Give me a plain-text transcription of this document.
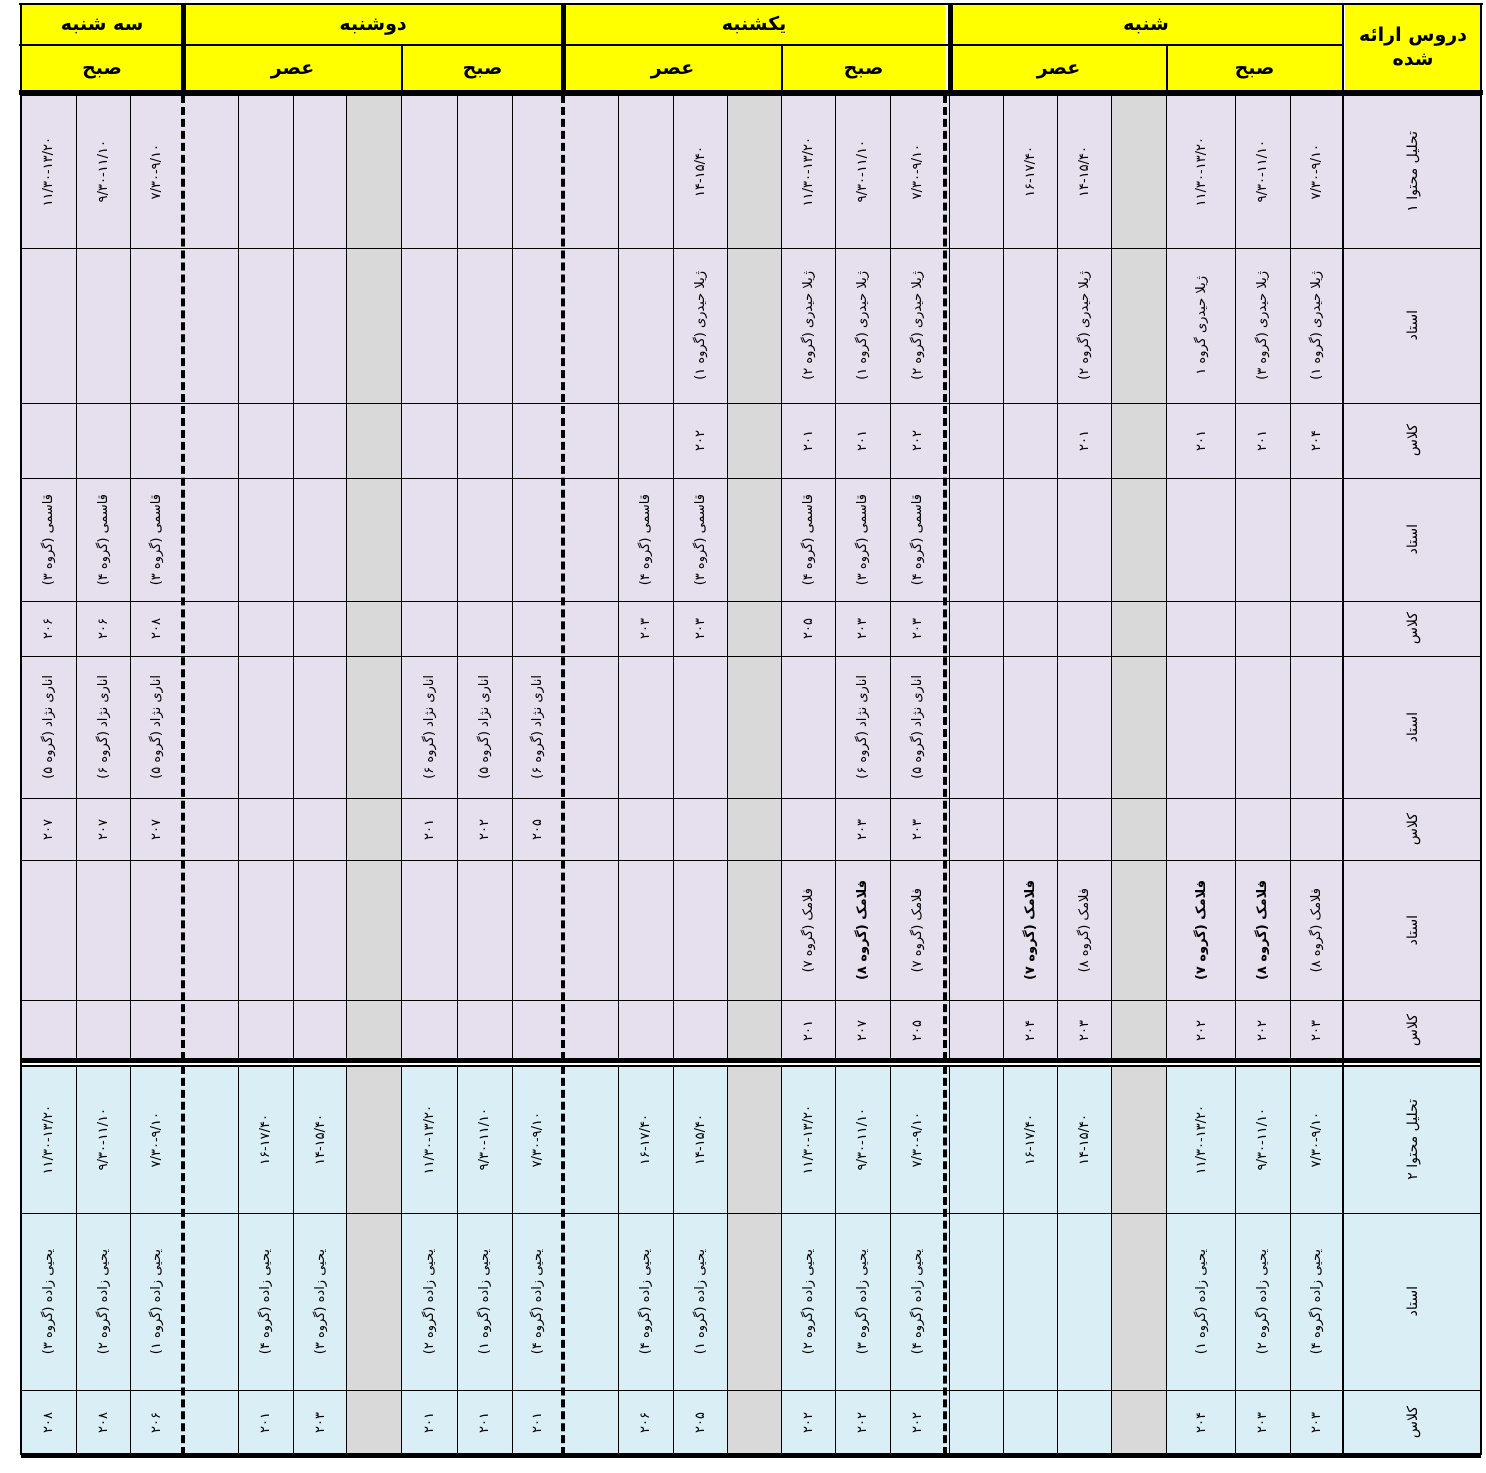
دروس ارائه شده
شنبه
صبح
عصر
یکشنبه
صبح
عصر
دوشنبه
صبح
عصر
سه شنبه
صبح
تحلیل محتوا ۱
۷/۳۰-۹/۱۰
۹/۳۰-۱۱/۱۰
۱۱/۳۰-۱۳/۲۰
۱۴-۱۵/۴۰
۱۶-۱۷/۴۰
۷/۳۰-۹/۱۰
۹/۳۰-۱۱/۱۰
۱۱/۳۰-۱۳/۲۰
۱۴-۱۵/۴۰
۷/۳۰-۹/۱۰
۹/۳۰-۱۱/۱۰
۱۱/۳۰-۱۳/۲۰
استاد
ژیلا حیدری (گروه ۱)
ژیلا حیدری (گروه ۳)
ژیلا حیدری گروه ۱
ژیلا حیدری (گروه ۲)
ژیلا حیدری (گروه ۲)
ژیلا حیدری (گروه ۱)
ژیلا حیدری (گروه ۲)
ژیلا حیدری (گروه ۱)
کلاس
۲۰۴
۲۰۱
۲۰۱
۲۰۱
۲۰۲
۲۰۱
۲۰۱
۲۰۲
استاد
قاسمی (گروه ۴)
قاسمی (گروه ۳)
قاسمی (گروه ۴)
قاسمی (گروه ۳)
قاسمی (گروه ۴)
قاسمی (گروه ۳)
قاسمی (گروه ۴)
قاسمی (گروه ۳)
کلاس
۲۰۳
۲۰۳
۲۰۵
۲۰۳
۲۰۳
۲۰۸
۲۰۶
۲۰۶
استاد
اناری نژاد (گروه ۵)
اناری نژاد (گروه ۶)
اناری نژاد (گروه ۶)
اناری نژاد (گروه ۵)
اناری نژاد (گروه ۶)
اناری نژاد (گروه ۵)
اناری نژاد (گروه ۶)
اناری نژاد (گروه ۵)
کلاس
۲۰۳
۲۰۳
۲۰۵
۲۰۲
۲۰۱
۲۰۷
۲۰۷
۲۰۷
استاد
فلامک (گروه ۸)
فلامک (گروه ۸)
فلامک (گروه ۷)
فلامک (گروه ۸)
فلامک (گروه ۷)
فلامک (گروه ۷)
فلامک (گروه ۸)
فلامک (گروه ۷)
کلاس
۲۰۳
۲۰۲
۲۰۲
۲۰۳
۲۰۴
۲۰۵
۲۰۷
۲۰۱
تحلیل محتوا ۲
۷/۳۰-۹/۱۰
۹/۳۰-۱۱/۱۰
۱۱/۳۰-۱۳/۲۰
۱۴-۱۵/۴۰
۱۶-۱۷/۴۰
۷/۳۰-۹/۱۰
۹/۳۰-۱۱/۱۰
۱۱/۳۰-۱۳/۲۰
۱۴-۱۵/۴۰
۱۶-۱۷/۴۰
۷/۳۰-۹/۱۰
۹/۳۰-۱۱/۱۰
۱۱/۳۰-۱۳/۲۰
۱۴-۱۵/۴۰
۱۶-۱۷/۴۰
۷/۳۰-۹/۱۰
۹/۳۰-۱۱/۱۰
۱۱/۳۰-۱۳/۲۰
استاد
یحیی زاده (گروه ۴)
یحیی زاده (گروه ۲)
یحیی زاده (گروه ۱)
یحیی زاده (گروه ۴)
یحیی زاده (گروه ۳)
یحیی زاده (گروه ۲)
یحیی زاده (گروه ۱)
یحیی زاده (گروه ۴)
یحیی زاده (گروه ۴)
یحیی زاده (گروه ۱)
یحیی زاده (گروه ۲)
یحیی زاده (گروه ۳)
یحیی زاده (گروه ۴)
یحیی زاده (گروه ۱)
یحیی زاده (گروه ۲)
یحیی زاده (گروه ۳)
کلاس
۲۰۳
۲۰۳
۲۰۴
۲۰۲
۲۰۲
۲۰۲
۲۰۵
۲۰۶
۲۰۱
۲۰۱
۲۰۱
۲۰۳
۲۰۱
۲۰۶
۲۰۸
۲۰۸
